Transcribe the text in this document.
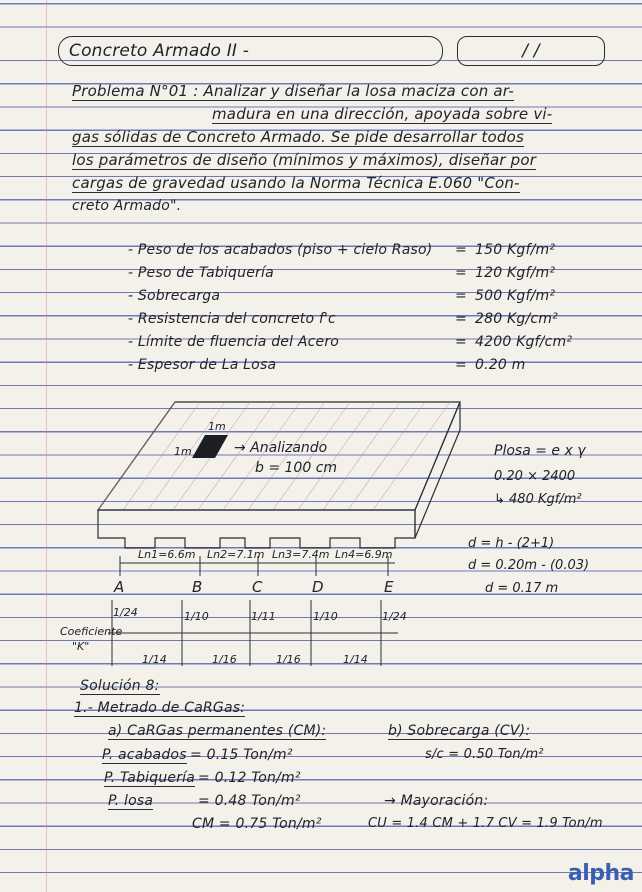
Concreto Armado II -	/ /
Problema N°01 : Analizar y diseñar la losa maciza con ar-
madura en una dirección, apoyada sobre vi-
gas sólidas de Concreto Armado. Se pide desarrollar todos
los parámetros de diseño (mínimos y máximos), diseñar por
cargas de gravedad usando la Norma Técnica E.060 "Con-
creto Armado".
- Peso de los acabados (piso + cielo Raso) = 150 Kgf/m²
- Peso de Tabiquería	= 120 Kgf/m²
- Sobrecarga	= 500 Kgf/m²
- Resistencia del concreto f'c	= 280 Kg/cm²
- Límite de fluencia del Acero	= 4200 Kgf/cm²
- Espesor de La Losa	= 0.20 m
1m
1m	→ Analizando
b = 100 cm
Ln1=6.6m Ln2=7.1m Ln3=7.4m Ln4=6.9m
A	B	C	D	E
Plosa = e x γ
0.20 × 2400
↳ 480 Kgf/m²
d = h - (2+1)
d = 0.20m - (0.03)
d = 0.17 m
Coeficiente
"K"
1/24	1/10	1/11	1/10	1/24
1/14	1/16	1/16	1/14
Solución 8:
1.- Metrado de CaRGas:
a) CaRGas permanentes (CM):	b) Sobrecarga (CV):
P. acabados = 0.15 Ton/m²	s/c = 0.50 Ton/m²
P. Tabiquería = 0.12 Ton/m²
P. losa	= 0.48 Ton/m²	→ Mayoración:
CM = 0.75 Ton/m²	CU = 1.4 CM + 1.7 CV = 1.9 Ton/m
alpha
